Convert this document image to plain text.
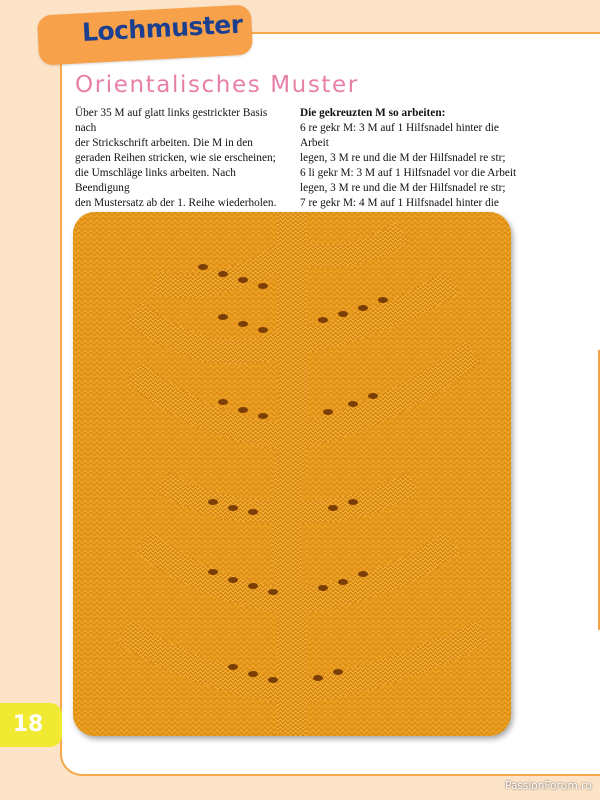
Lochmuster
Orientalisches Muster
Über 35 M auf glatt links gestrickter Basis nach
der Strickschrift arbeiten. Die M in den
geraden Reihen stricken, wie sie erscheinen;
die Umschläge links arbeiten. Nach Beendigung
den Mustersatz ab der 1. Reihe wiederholen.
Die gekreuzten M so arbeiten:
6 re gekr M: 3 M auf 1 Hilfsnadel hinter die Arbeit
legen, 3 M re und die M der Hilfsnadel re str;
6 li gekr M: 3 M auf 1 Hilfsnadel vor die Arbeit
legen, 3 M re und die M der Hilfsnadel re str;
7 re gekr M: 4 M auf 1 Hilfsnadel hinter die
18
PassionForum.ru
